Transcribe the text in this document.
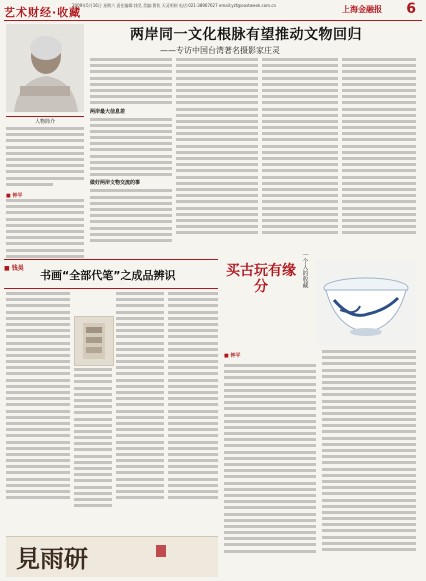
艺术财经·收藏
2009年5月16日 星期六 责任编辑:钱昊 美编:曹钦 天灵明则 电话:021-38967627 email:yzf@eastweek.com.cn	上海金融报 6
人物简介
两岸同一文化根脉有望推动文物回归
——专访中国台湾著名摄影家庄灵
■ 钟平
两岸最大信息差
做好两岸文物交流的事
■ 钱昊
书画“全部代笔”之成品辨识
見雨研
买古玩有缘分	一个人的收藏
■ 钟平
